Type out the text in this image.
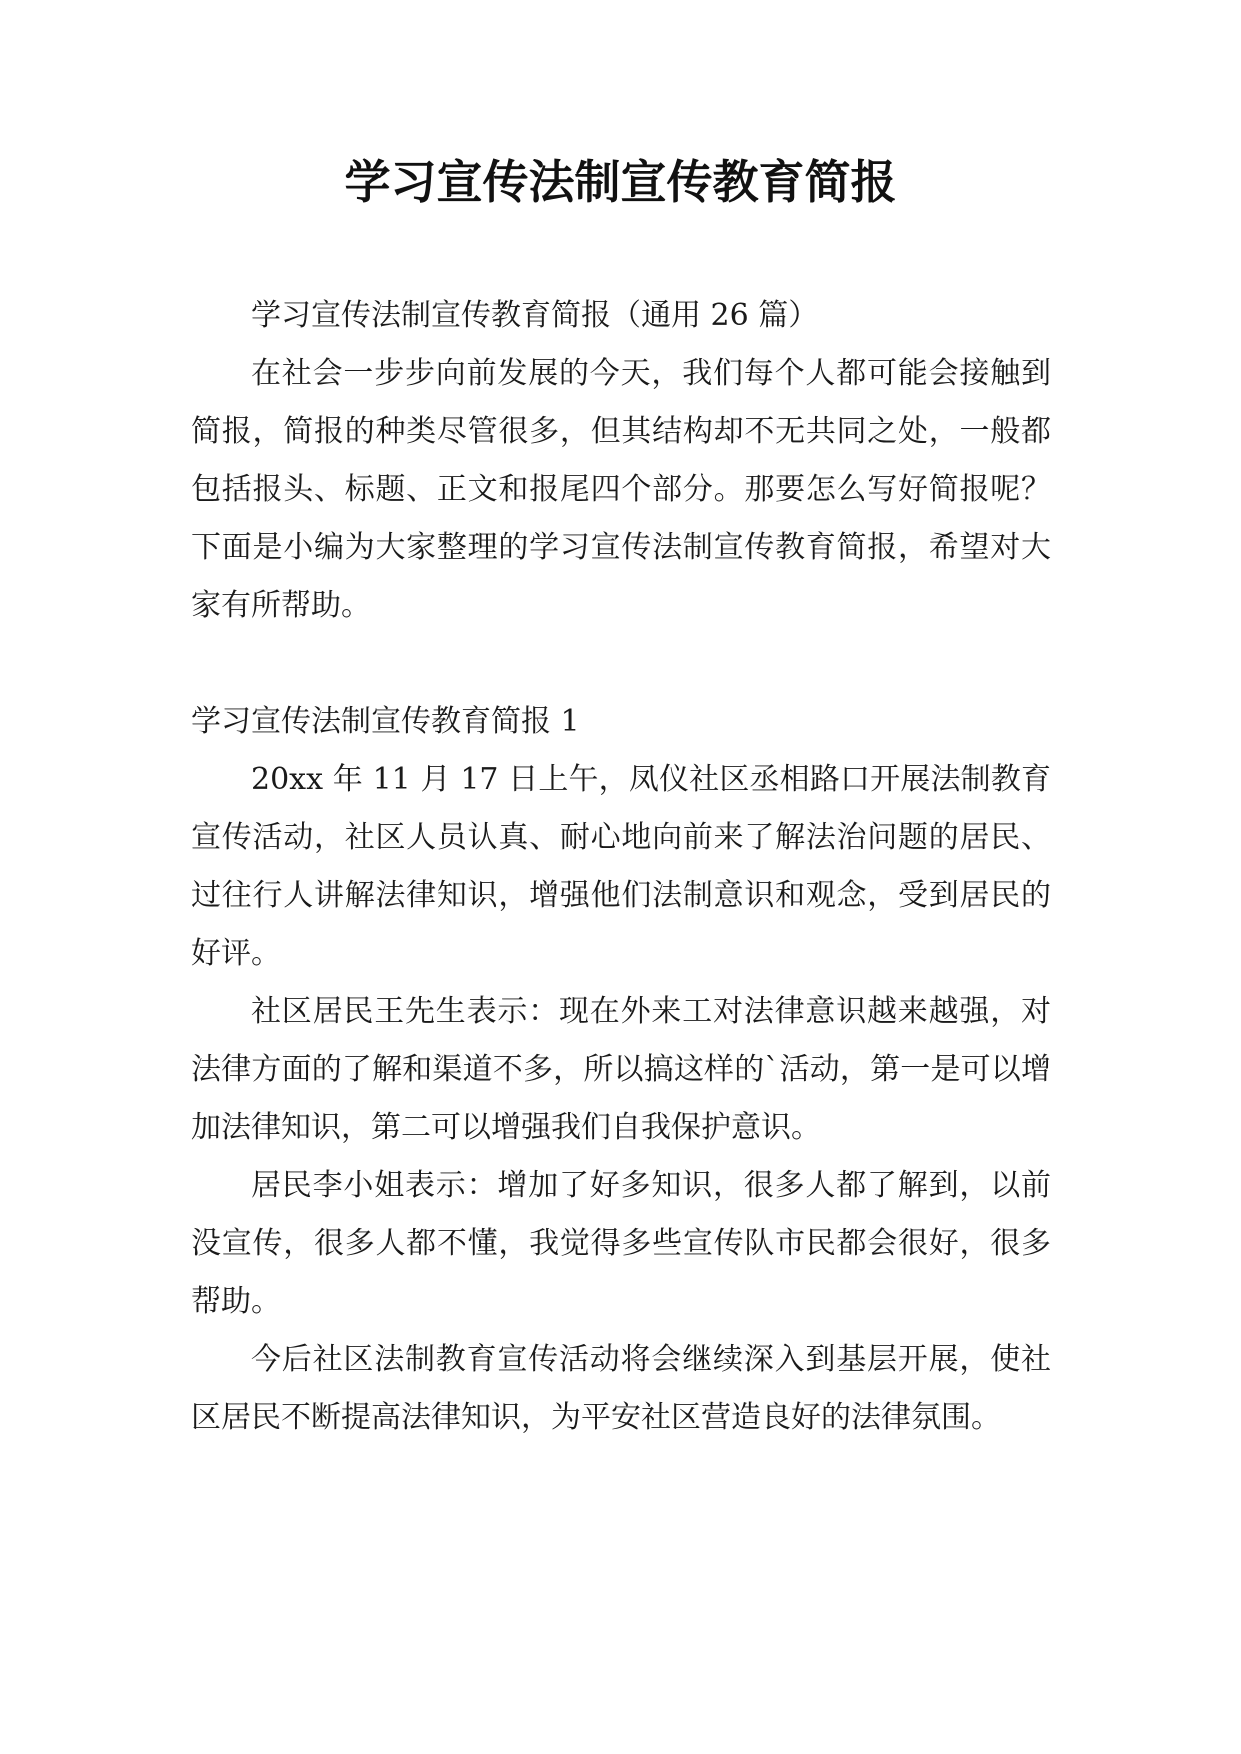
学习宣传法制宣传教育简报

学习宣传法制宣传教育简报（通用 26 篇）

在社会一步步向前发展的今天，我们每个人都可能会接触到简报，简报的种类尽管很多，但其结构却不无共同之处，一般都包括报头、标题、正文和报尾四个部分。那要怎么写好简报呢？下面是小编为大家整理的学习宣传法制宣传教育简报，希望对大家有所帮助。

学习宣传法制宣传教育简报 1

20xx 年 11 月 17 日上午，凤仪社区丞相路口开展法制教育宣传活动，社区人员认真、耐心地向前来了解法治问题的居民、过往行人讲解法律知识，增强他们法制意识和观念，受到居民的好评。

社区居民王先生表示：现在外来工对法律意识越来越强，对法律方面的了解和渠道不多，所以搞这样的`活动，第一是可以增加法律知识，第二可以增强我们自我保护意识。

居民李小姐表示：增加了好多知识，很多人都了解到，以前没宣传，很多人都不懂，我觉得多些宣传队市民都会很好，很多帮助。

今后社区法制教育宣传活动将会继续深入到基层开展，使社区居民不断提高法律知识，为平安社区营造良好的法律氛围。
